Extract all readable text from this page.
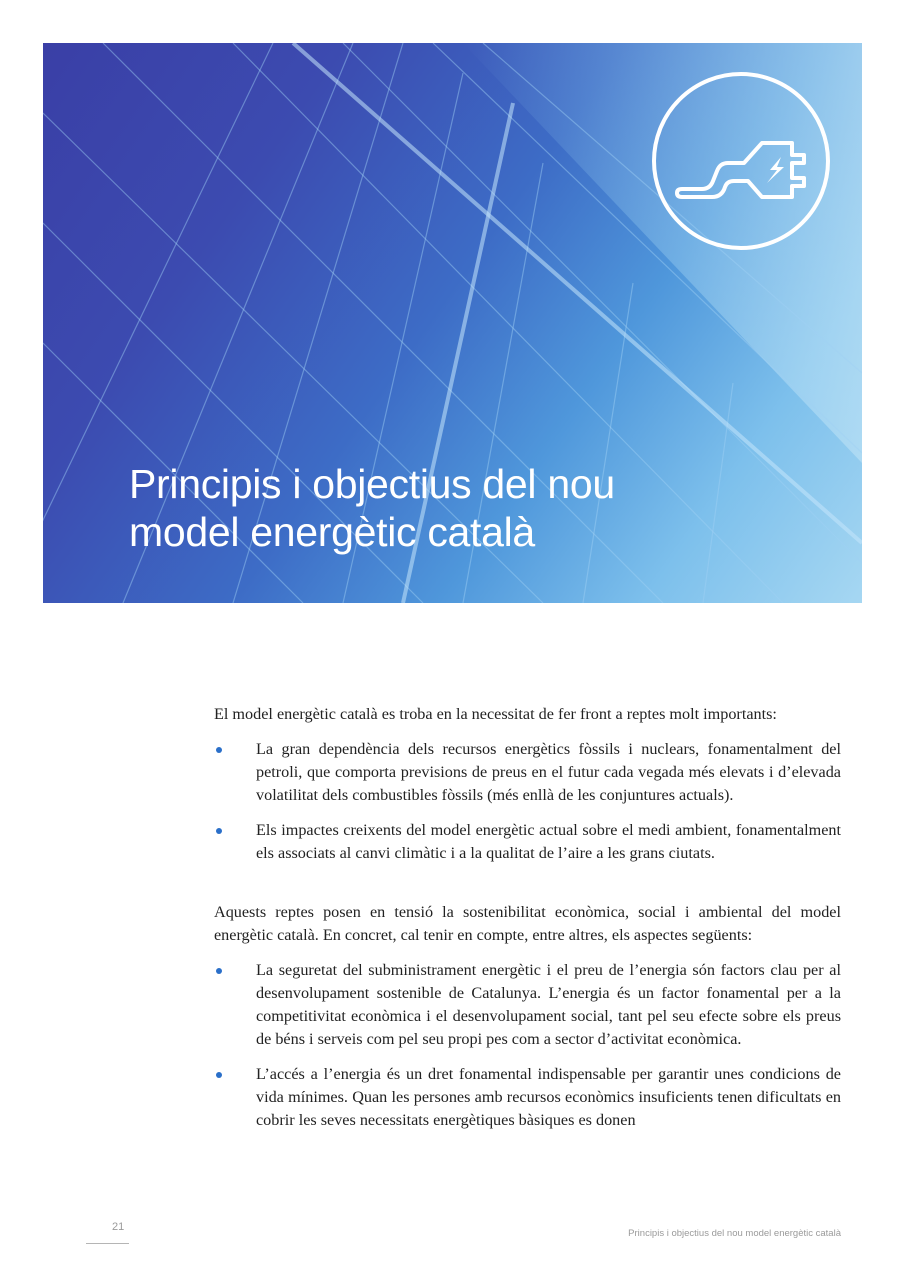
Principis i objectius del nou
model energètic català

El model energètic català es troba en la necessitat de fer front a reptes molt importants:

La gran dependència dels recursos energètics fòssils i nuclears, fonamentalment del petroli, que comporta previsions de preus en el futur cada vegada més elevats i d’elevada volatilitat dels combustibles fòssils (més enllà de les conjuntures actuals).
Els impactes creixents del model energètic actual sobre el medi ambient, fonamentalment els associats al canvi climàtic i a la qualitat de l’aire a les grans ciutats.

Aquests reptes posen en tensió la sostenibilitat econòmica, social i ambiental del model energètic català. En concret, cal tenir en compte, entre altres, els aspectes següents:

La seguretat del subministrament energètic i el preu de l’energia són factors clau per al desenvolupament sostenible de Catalunya. L’energia és un factor fonamental per a la competitivitat econòmica i el desenvolupament social, tant pel seu efecte sobre els preus de béns i serveis com pel seu propi pes com a sector d’activitat econòmica.
L’accés a l’energia és un dret fonamental indispensable per garantir unes condicions de vida mínimes. Quan les persones amb recursos econòmics insuficients tenen dificultats en cobrir les seves necessitats energètiques bàsiques es donen
21
Principis i objectius del nou model energètic català
